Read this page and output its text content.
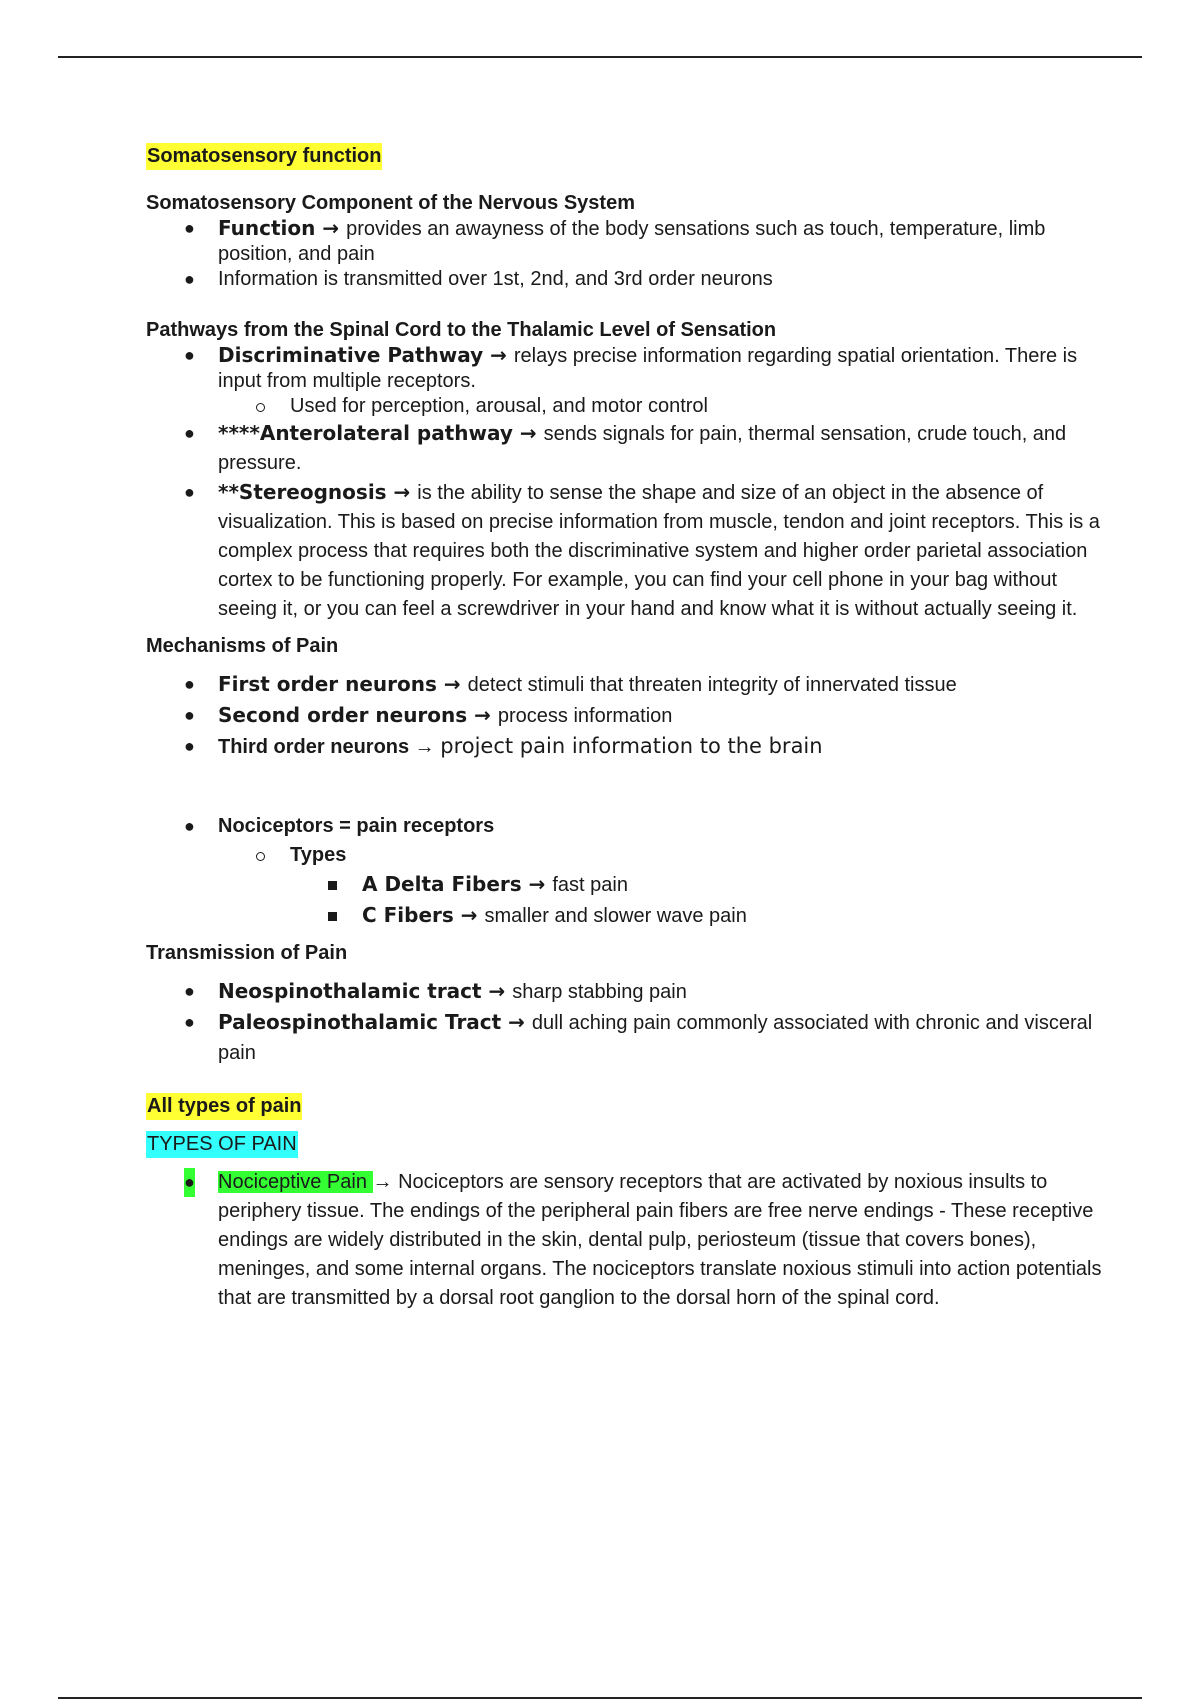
Somatosensory function
Somatosensory Component of the Nervous System
● Function → provides an awayness of the body sensations such as touch, temperature, limb position, and pain
● Information is transmitted over 1st, 2nd, and 3rd order neurons
Pathways from the Spinal Cord to the Thalamic Level of Sensation
● Discriminative Pathway → relays precise information regarding spatial orientation. There is input from multiple receptors.
Used for perception, arousal, and motor control
● ****Anterolateral pathway → sends signals for pain, thermal sensation, crude touch, and pressure.
● **Stereognosis → is the ability to sense the shape and size of an object in the absence of visualization. This is based on precise information from muscle, tendon and joint receptors. This is a complex process that requires both the discriminative system and higher order parietal association cortex to be functioning properly. For example, you can find your cell phone in your bag without seeing it, or you can feel a screwdriver in your hand and know what it is without actually seeing it.
Mechanisms of Pain
● First order neurons → detect stimuli that threaten integrity of innervated tissue
● Second order neurons → process information
● Third order neurons → project pain information to the brain
● Nociceptors = pain receptors
Types
A Delta Fibers → fast pain
C Fibers → smaller and slower wave pain
Transmission of Pain
● Neospinothalamic tract → sharp stabbing pain
● Paleospinothalamic Tract → dull aching pain commonly associated with chronic and visceral pain
All types of pain
TYPES OF PAIN
● Nociceptive Pain → Nociceptors are sensory receptors that are activated by noxious insults to periphery tissue. The endings of the peripheral pain fibers are free nerve endings - These receptive endings are widely distributed in the skin, dental pulp, periosteum (tissue that covers bones), meninges, and some internal organs. The nociceptors translate noxious stimuli into action potentials that are transmitted by a dorsal root ganglion to the dorsal horn of the spinal cord.
